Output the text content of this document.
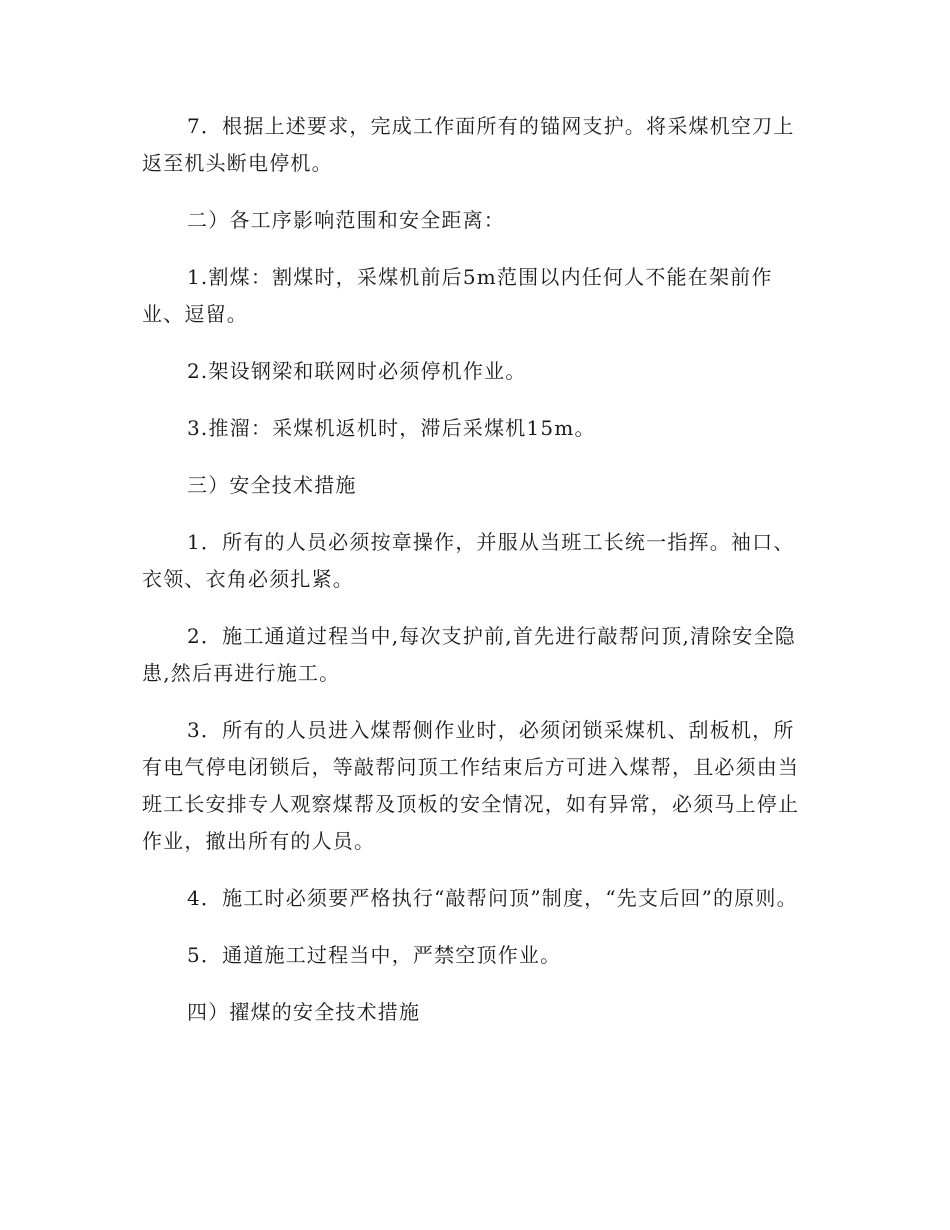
7．根据上述要求，完成工作面所有的锚网支护。将采煤机空刀上返至机头断电停机。

二）各工序影响范围和安全距离：

1.割煤：割煤时，采煤机前后5m范围以内任何人不能在架前作业、逗留。

2.架设钢梁和联网时必须停机作业。

3.推溜：采煤机返机时，滞后采煤机15m。

三）安全技术措施

1．所有的人员必须按章操作，并服从当班工长统一指挥。袖口、衣领、衣角必须扎紧。

2．施工通道过程当中,每次支护前,首先进行敲帮问顶,清除安全隐患,然后再进行施工。

3．所有的人员进入煤帮侧作业时，必须闭锁采煤机、刮板机，所有电气停电闭锁后，等敲帮问顶工作结束后方可进入煤帮，且必须由当班工长安排专人观察煤帮及顶板的安全情况，如有异常，必须马上停止作业，撤出所有的人员。

4．施工时必须要严格执行“敲帮问顶”制度，“先支后回”的原则。

5．通道施工过程当中，严禁空顶作业。

四）擢煤的安全技术措施
